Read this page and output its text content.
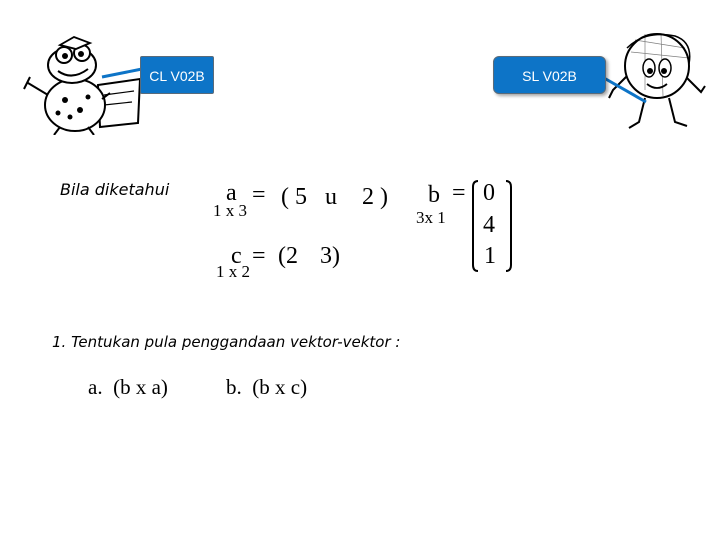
CL V02B	SL V02B
Bila diketahui a = ( 5 u 2 )
1 x 3
c = (2 3)
1 x 2
b =
3x 1
0
4
1
1. Tentukan pula penggandaan vektor-vektor :
a.  (b x a)	b.  (b x c)
